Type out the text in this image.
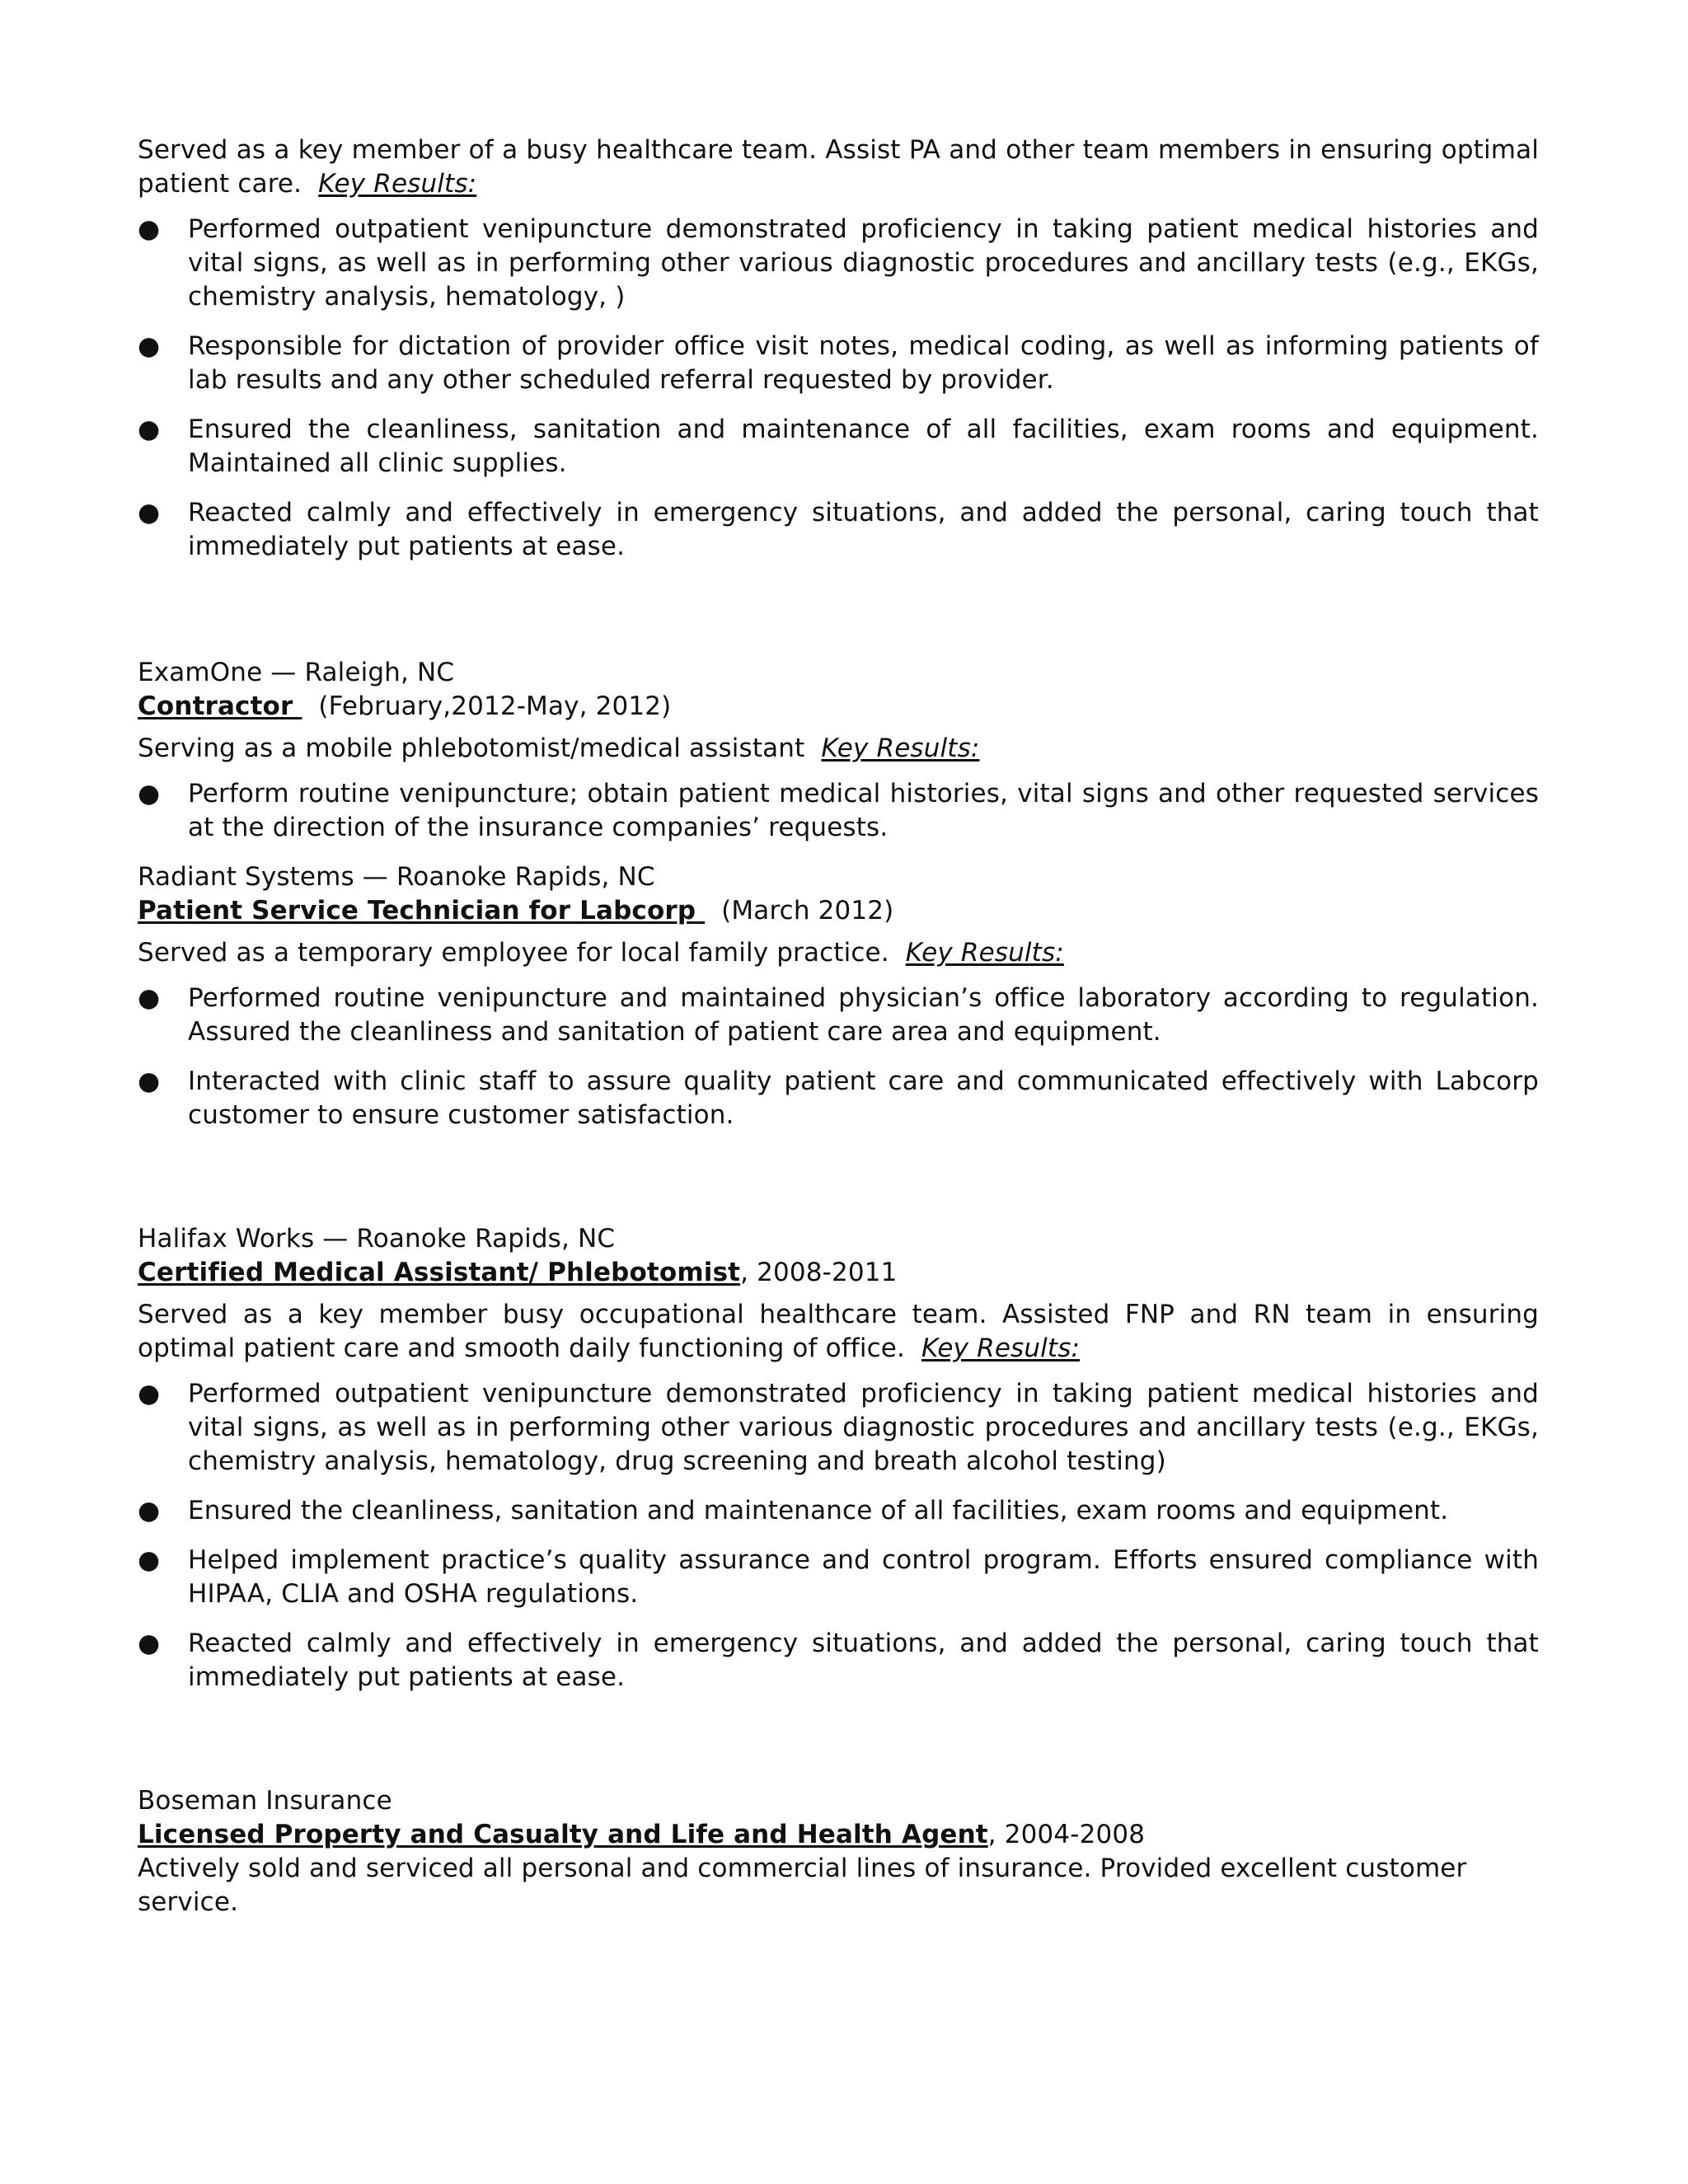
Served as a key member of a busy healthcare team. Assist PA and other team members in ensuring optimal patient care. Key Results:

● Performed outpatient venipuncture demonstrated proficiency in taking patient medical histories and vital signs, as well as in performing other various diagnostic procedures and ancillary tests (e.g., EKGs, chemistry analysis, hematology, )
● Responsible for dictation of provider office visit notes, medical coding, as well as informing patients of lab results and any other scheduled referral requested by provider.
● Ensured the cleanliness, sanitation and maintenance of all facilities, exam rooms and equipment. Maintained all clinic supplies.
● Reacted calmly and effectively in emergency situations, and added the personal, caring touch that immediately put patients at ease.

ExamOne — Raleigh, NC

Contractor (February,2012-May, 2012)

Serving as a mobile phlebotomist/medical assistant Key Results:

● Perform routine venipuncture; obtain patient medical histories, vital signs and other requested services at the direction of the insurance companies’ requests.

Radiant Systems — Roanoke Rapids, NC

Patient Service Technician for Labcorp (March 2012)

Served as a temporary employee for local family practice. Key Results:

● Performed routine venipuncture and maintained physician’s office laboratory according to regulation. Assured the cleanliness and sanitation of patient care area and equipment.
● Interacted with clinic staff to assure quality patient care and communicated effectively with Labcorp customer to ensure customer satisfaction.

Halifax Works — Roanoke Rapids, NC

Certified Medical Assistant/ Phlebotomist, 2008-2011

Served as a key member busy occupational healthcare team. Assisted FNP and RN team in ensuring optimal patient care and smooth daily functioning of office. Key Results:

● Performed outpatient venipuncture demonstrated proficiency in taking patient medical histories and vital signs, as well as in performing other various diagnostic procedures and ancillary tests (e.g., EKGs, chemistry analysis, hematology, drug screening and breath alcohol testing)
● Ensured the cleanliness, sanitation and maintenance of all facilities, exam rooms and equipment.
● Helped implement practice’s quality assurance and control program. Efforts ensured compliance with HIPAA, CLIA and OSHA regulations.
● Reacted calmly and effectively in emergency situations, and added the personal, caring touch that immediately put patients at ease.

Boseman Insurance

Licensed Property and Casualty and Life and Health Agent, 2004-2008

Actively sold and serviced all personal and commercial lines of insurance. Provided excellent customer service.
